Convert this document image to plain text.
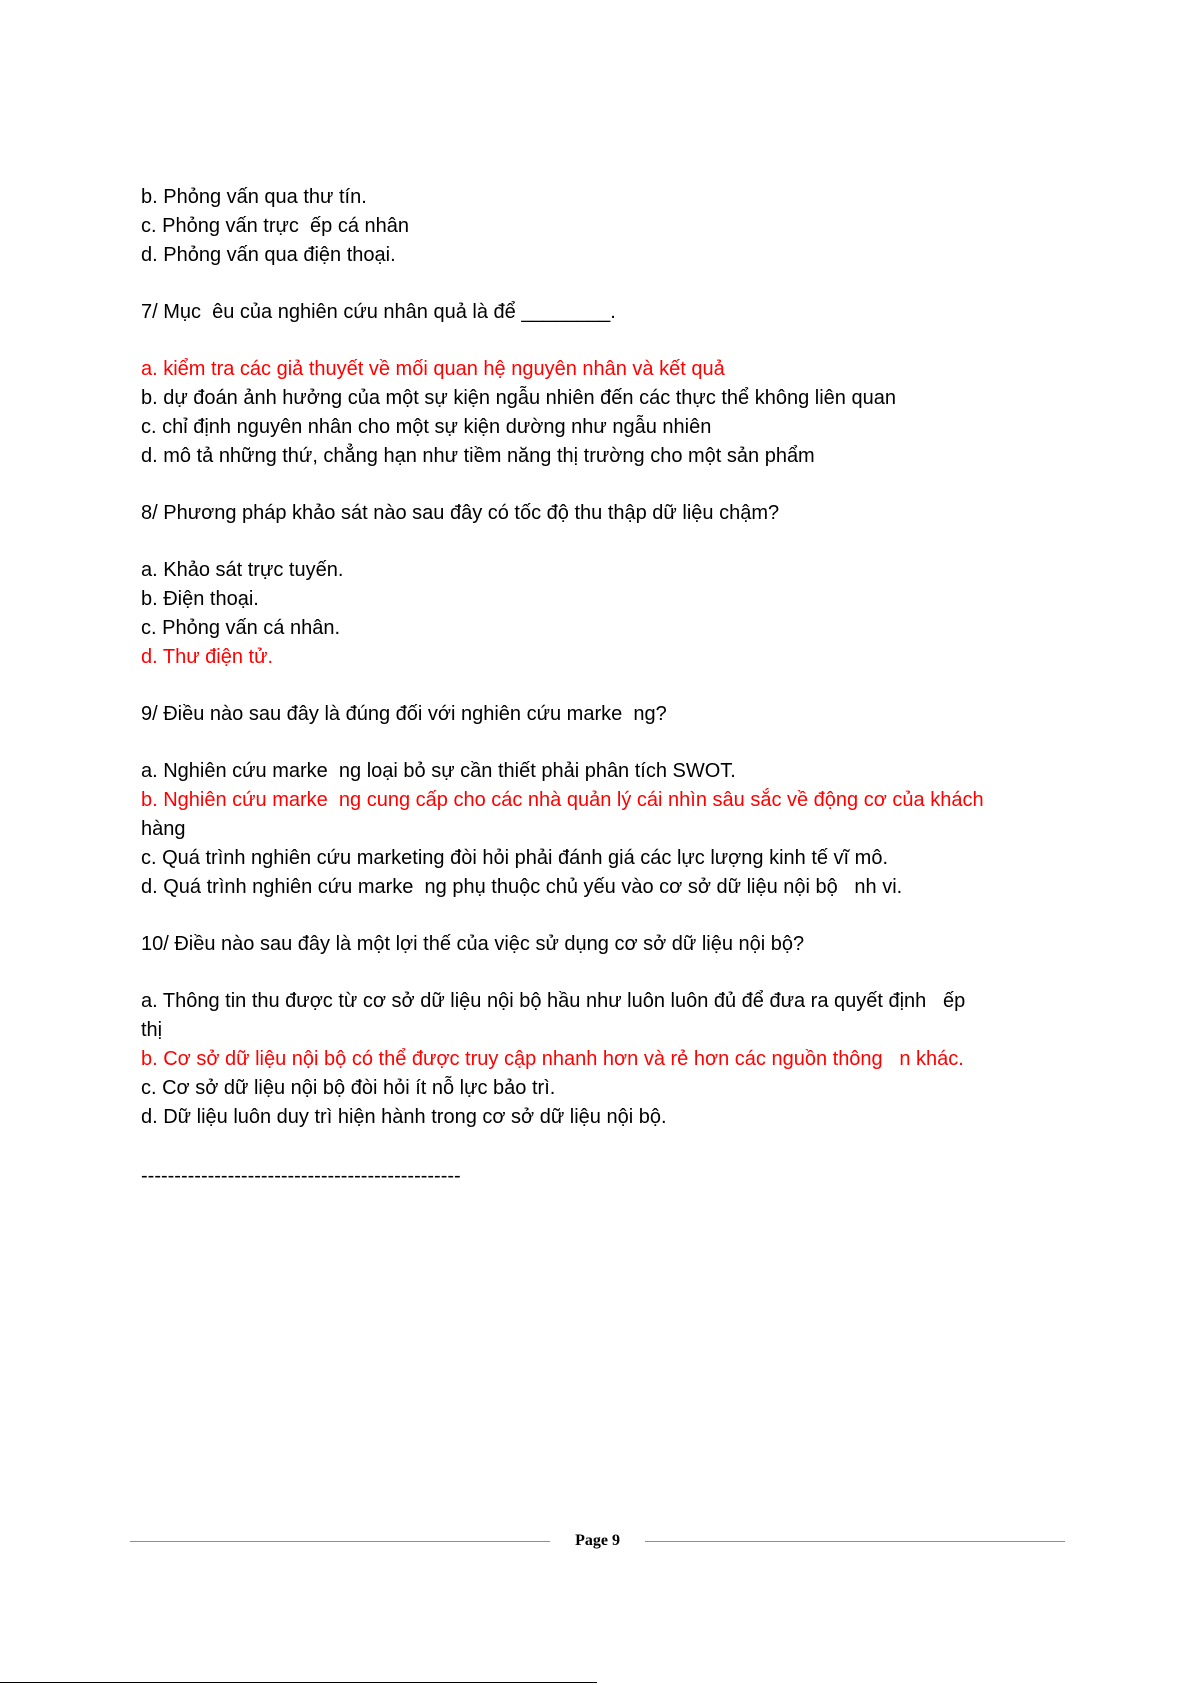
b. Phỏng vấn qua thư tín.

c. Phỏng vấn trực  ếp cá nhân

d. Phỏng vấn qua điện thoại.

7/ Mục  êu của nghiên cứu nhân quả là để ________.

a. kiểm tra các giả thuyết về mối quan hệ nguyên nhân và kết quả

b. dự đoán ảnh hưởng của một sự kiện ngẫu nhiên đến các thực thể không liên quan

c. chỉ định nguyên nhân cho một sự kiện dường như ngẫu nhiên

d. mô tả những thứ, chẳng hạn như tiềm năng thị trường cho một sản phẩm

8/ Phương pháp khảo sát nào sau đây có tốc độ thu thập dữ liệu chậm?

a. Khảo sát trực tuyến.

b. Điện thoại.

c. Phỏng vấn cá nhân.

d. Thư điện tử.

9/ Điều nào sau đây là đúng đối với nghiên cứu marke  ng?

a. Nghiên cứu marke  ng loại bỏ sự cần thiết phải phân tích SWOT.

b. Nghiên cứu marke  ng cung cấp cho các nhà quản lý cái nhìn sâu sắc về động cơ của khách

hàng

c. Quá trình nghiên cứu marketing đòi hỏi phải đánh giá các lực lượng kinh tế vĩ mô.

d. Quá trình nghiên cứu marke  ng phụ thuộc chủ yếu vào cơ sở dữ liệu nội bộ   nh vi.

10/ Điều nào sau đây là một lợi thế của việc sử dụng cơ sở dữ liệu nội bộ?

a. Thông tin thu được từ cơ sở dữ liệu nội bộ hầu như luôn luôn đủ để đưa ra quyết định   ếp

thị

b. Cơ sở dữ liệu nội bộ có thể được truy cập nhanh hơn và rẻ hơn các nguồn thông   n khác.

c. Cơ sở dữ liệu nội bộ đòi hỏi ít nỗ lực bảo trì.

d. Dữ liệu luôn duy trì hiện hành trong cơ sở dữ liệu nội bộ.

------------------------------------------------

Page 9
